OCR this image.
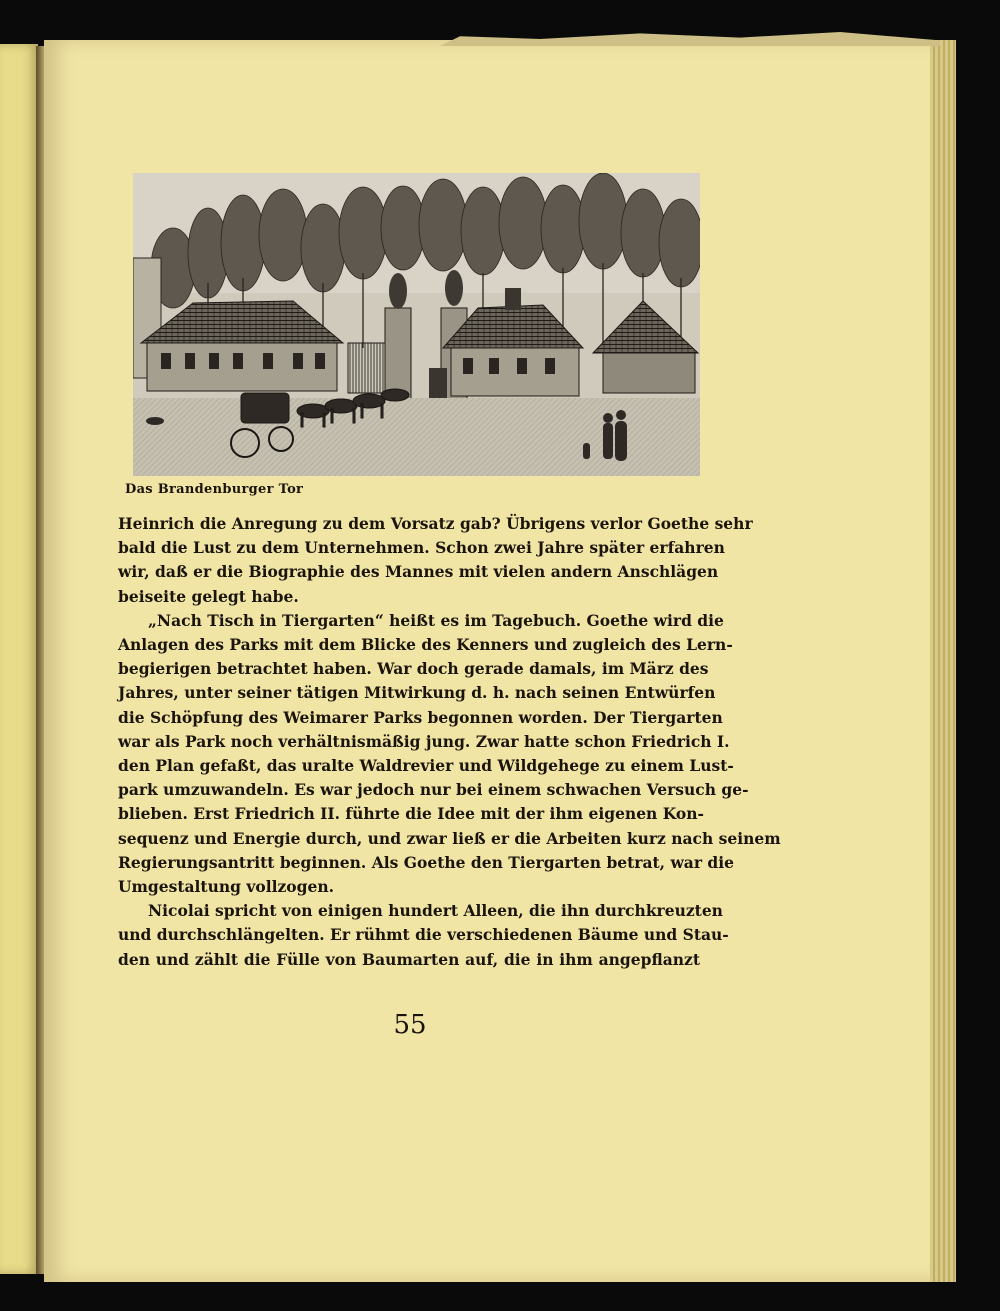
Das Brandenburger Tor

Heinrich die Anregung zu dem Vorsatz gab? Übrigens verlor Goethe sehr
bald die Lust zu dem Unternehmen. Schon zwei Jahre später erfahren
wir, daß er die Biographie des Mannes mit vielen andern Anschlägen
beiseite gelegt habe.

„Nach Tisch in Tiergarten“ heißt es im Tagebuch. Goethe wird die
Anlagen des Parks mit dem Blicke des Kenners und zugleich des Lern-
begierigen betrachtet haben. War doch gerade damals, im März des
Jahres, unter seiner tätigen Mitwirkung d. h. nach seinen Entwürfen
die Schöpfung des Weimarer Parks begonnen worden. Der Tiergarten
war als Park noch verhältnismäßig jung. Zwar hatte schon Friedrich I.
den Plan gefaßt, das uralte Waldrevier und Wildgehege zu einem Lust-
park umzuwandeln. Es war jedoch nur bei einem schwachen Versuch ge-
blieben. Erst Friedrich II. führte die Idee mit der ihm eigenen Kon-
sequenz und Energie durch, und zwar ließ er die Arbeiten kurz nach seinem
Regierungsantritt beginnen. Als Goethe den Tiergarten betrat, war die
Umgestaltung vollzogen.

Nicolai spricht von einigen hundert Alleen, die ihn durchkreuzten
und durchschlängelten. Er rühmt die verschiedenen Bäume und Stau-
den und zählt die Fülle von Baumarten auf, die in ihm angepflanzt

55
